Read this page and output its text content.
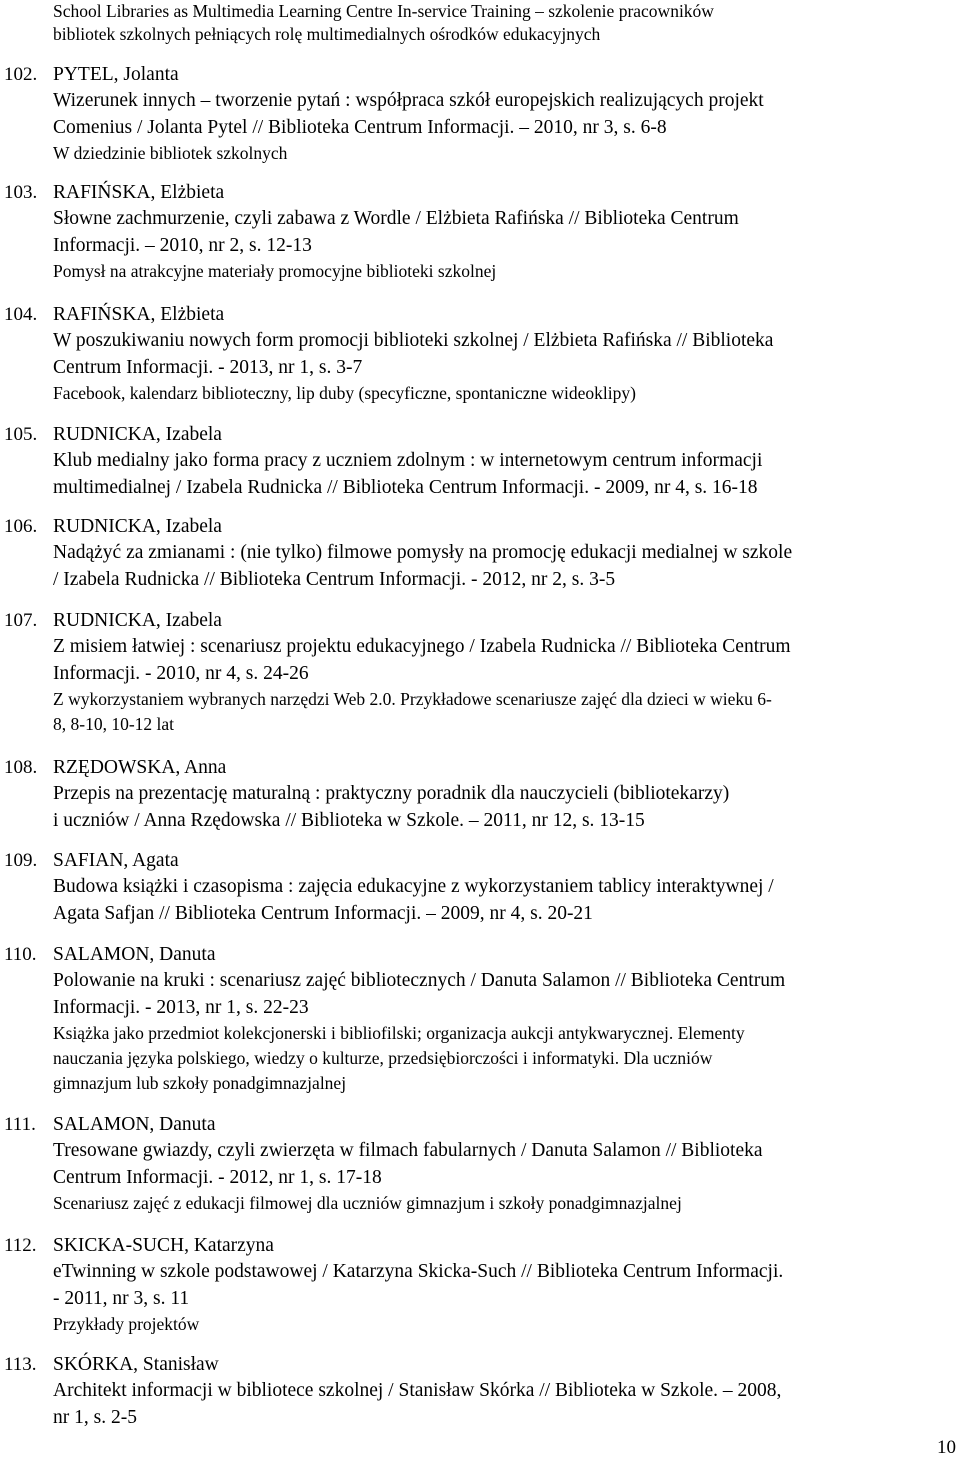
School Libraries as Multimedia Learning Centre In-service Training – szkolenie pracowników
bibliotek szkolnych pełniących rolę multimedialnych ośrodków edukacyjnych
102. PYTEL, Jolanta
Wizerunek innych – tworzenie pytań : współpraca szkół europejskich realizujących projekt
Comenius / Jolanta Pytel // Biblioteka Centrum Informacji. – 2010, nr 3, s. 6-8
W dziedzinie bibliotek szkolnych
103. RAFIŃSKA, Elżbieta
Słowne zachmurzenie, czyli zabawa z Wordle / Elżbieta Rafińska // Biblioteka Centrum
Informacji. – 2010, nr 2, s. 12-13
Pomysł na atrakcyjne materiały promocyjne biblioteki szkolnej
104. RAFIŃSKA, Elżbieta
W poszukiwaniu nowych form promocji biblioteki szkolnej / Elżbieta Rafińska // Biblioteka
Centrum Informacji. - 2013, nr 1, s. 3-7
Facebook, kalendarz biblioteczny, lip duby (specyficzne, spontaniczne wideoklipy)
105. RUDNICKA, Izabela
Klub medialny jako forma pracy z uczniem zdolnym : w internetowym centrum informacji
multimedialnej / Izabela Rudnicka // Biblioteka Centrum Informacji. - 2009, nr 4, s. 16-18
106. RUDNICKA, Izabela
Nadążyć za zmianami : (nie tylko) filmowe pomysły na promocję edukacji medialnej w szkole
/ Izabela Rudnicka // Biblioteka Centrum Informacji. - 2012, nr 2, s. 3-5
107. RUDNICKA, Izabela
Z misiem łatwiej : scenariusz projektu edukacyjnego / Izabela Rudnicka // Biblioteka Centrum
Informacji. - 2010, nr 4, s. 24-26
Z wykorzystaniem wybranych narzędzi Web 2.0. Przykładowe scenariusze zajęć dla dzieci w wieku 6-
8, 8-10, 10-12 lat
108. RZĘDOWSKA, Anna
Przepis na prezentację maturalną : praktyczny poradnik dla nauczycieli (bibliotekarzy)
i uczniów / Anna Rzędowska // Biblioteka w Szkole. – 2011, nr 12, s. 13-15
109. SAFIAN, Agata
Budowa książki i czasopisma : zajęcia edukacyjne z wykorzystaniem tablicy interaktywnej /
Agata Safjan // Biblioteka Centrum Informacji. – 2009, nr 4, s. 20-21
110. SALAMON, Danuta
Polowanie na kruki : scenariusz zajęć bibliotecznych / Danuta Salamon // Biblioteka Centrum
Informacji. - 2013, nr 1, s. 22-23
Książka jako przedmiot kolekcjonerski i bibliofilski; organizacja aukcji antykwarycznej. Elementy
nauczania języka polskiego, wiedzy o kulturze, przedsiębiorczości i informatyki. Dla uczniów
gimnazjum lub szkoły ponadgimnazjalnej
111. SALAMON, Danuta
Tresowane gwiazdy, czyli zwierzęta w filmach fabularnych / Danuta Salamon // Biblioteka
Centrum Informacji. - 2012, nr 1, s. 17-18
Scenariusz zajęć z edukacji filmowej dla uczniów gimnazjum i szkoły ponadgimnazjalnej
112. SKICKA-SUCH, Katarzyna
eTwinning w szkole podstawowej / Katarzyna Skicka-Such // Biblioteka Centrum Informacji.
- 2011, nr 3, s. 11
Przykłady projektów
113. SKÓRKA, Stanisław
Architekt informacji w bibliotece szkolnej / Stanisław Skórka // Biblioteka w Szkole. – 2008,
nr 1, s. 2-5
10
